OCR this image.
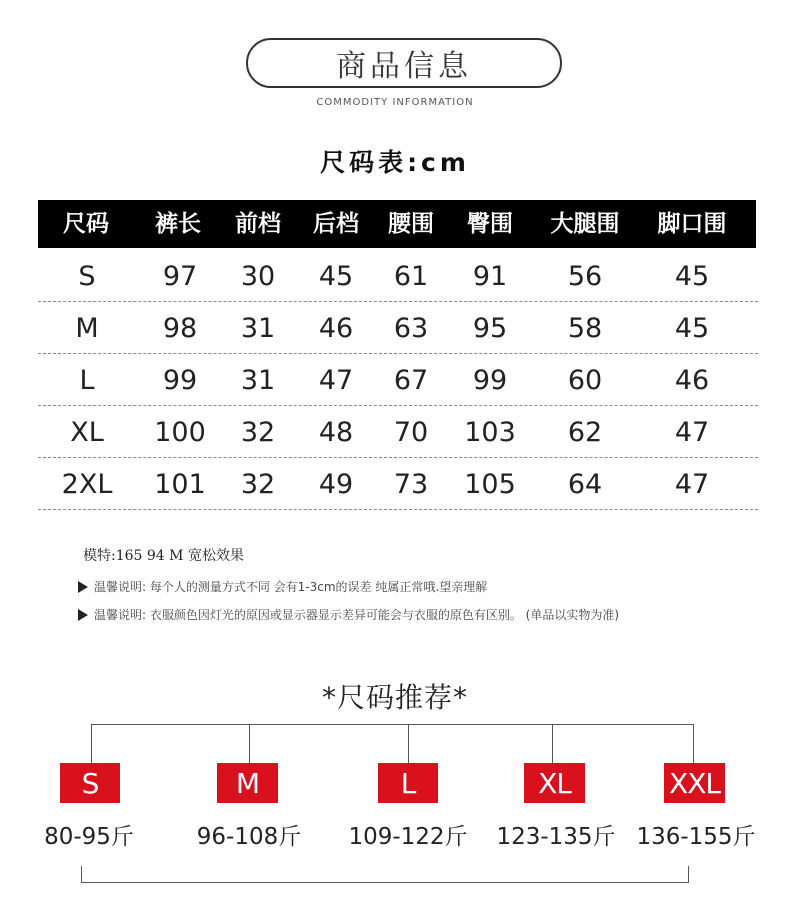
商品信息
COMMODITY INFORMATION
尺码表:cm
尺码 裤长 前档 后档 腰围 臀围 大腿围 脚口围
S 97 30 45 61 91 56	45
M 98 31 46 63 95 58	45
L	99 31 47 67 99 60	46
XL 100 32 48 70 103 62	47
2XL 101 32 49 73 105 64	47
模特:165 94 M 宽松效果
温馨说明: 每个人的测量方式不同 会有1-3cm的误差 纯属正常哦.望亲理解
温馨说明: 衣服颜色因灯光的原因或显示器显示差异可能会与衣服的原色有区别。 (单品以实物为准)
*尺码推荐*
S	M	L	XL	XXL
80-95斤	96-108斤 109-122斤 123-135斤 136-155斤
